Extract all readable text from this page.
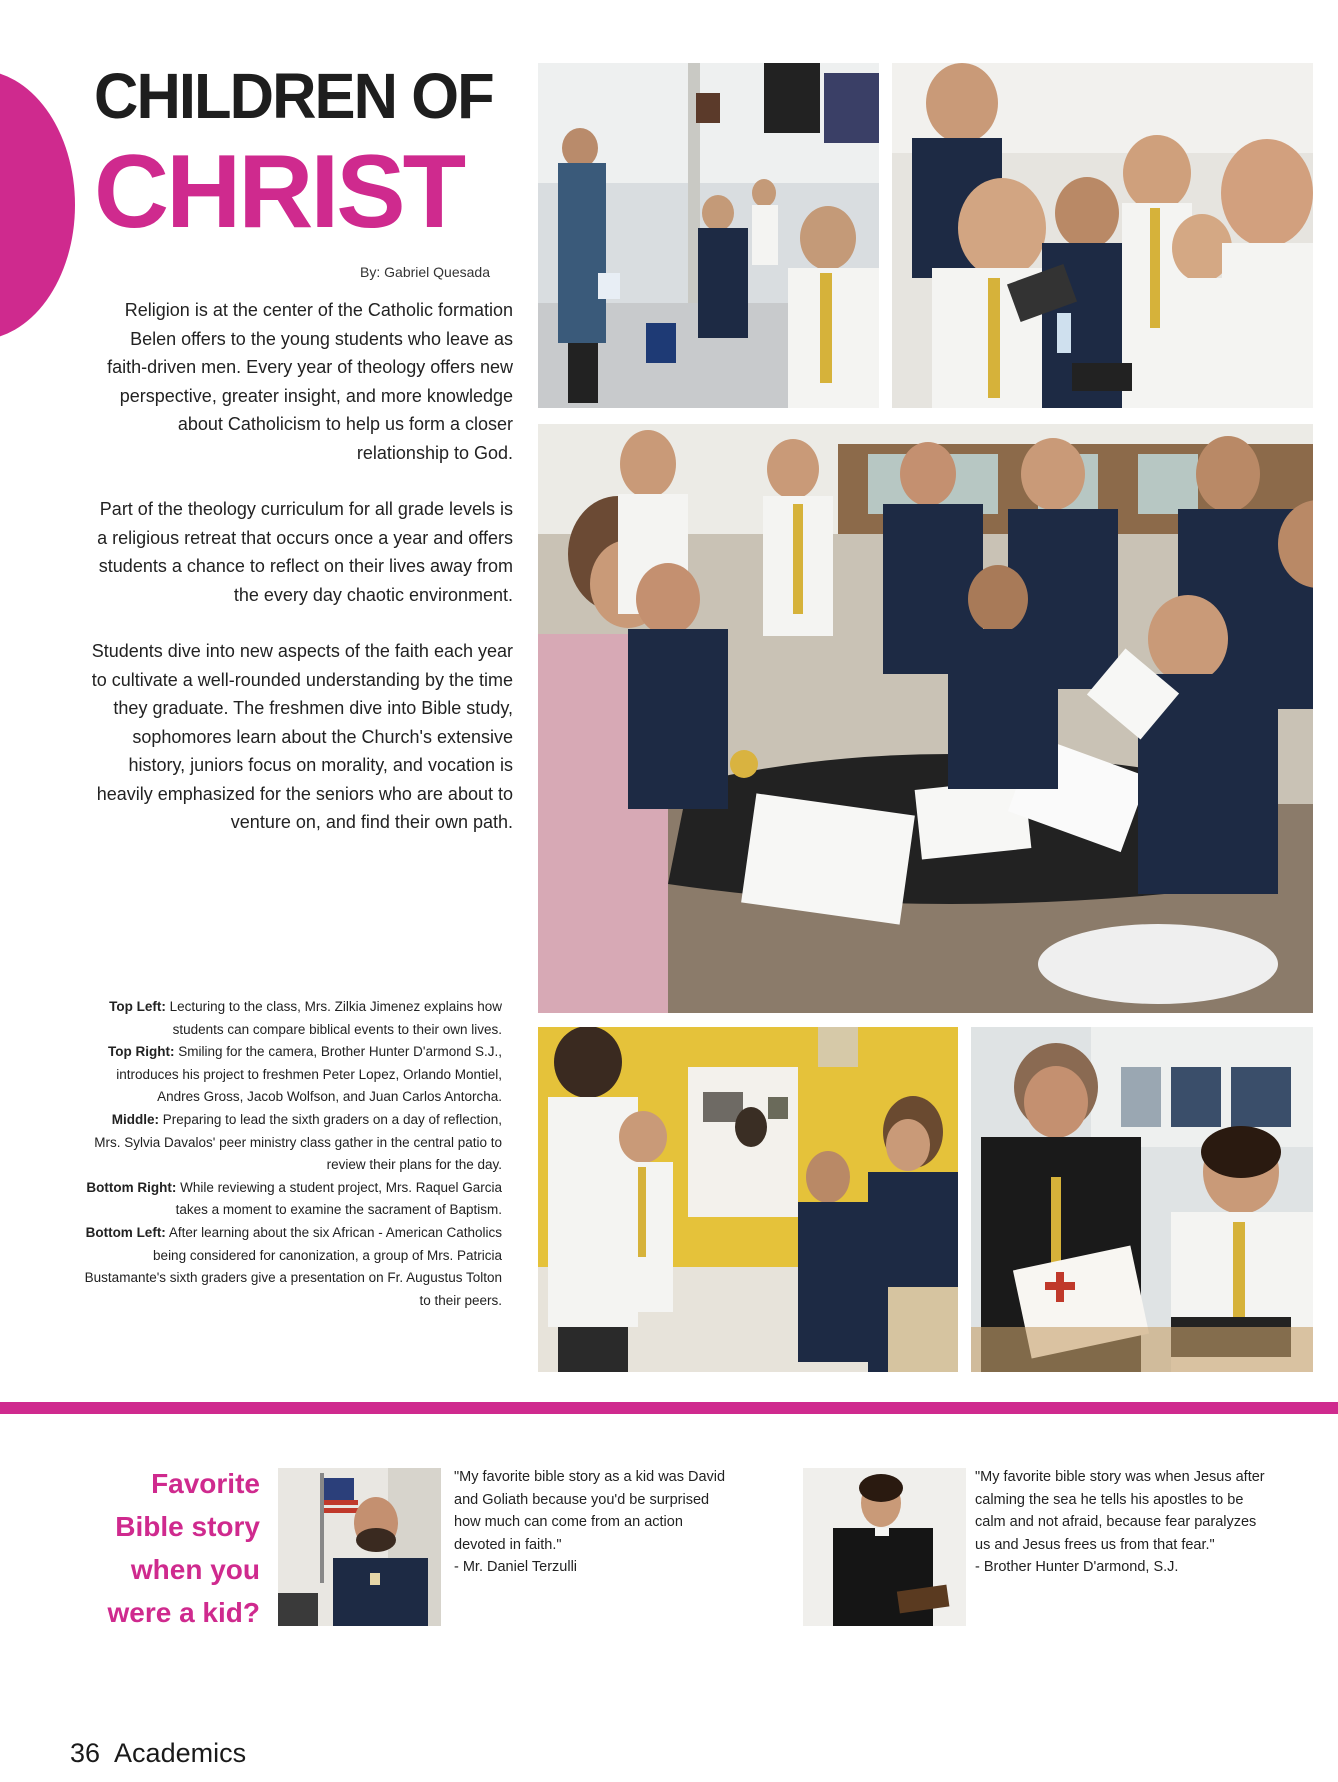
CHILDREN OF
CHRIST
By: Gabriel Quesada

Religion is at the center of the Catholic formation Belen offers to the young students who leave as faith-driven men. Every year of theology offers new perspective, greater insight, and more knowledge about Catholicism to help us form a closer relationship to God.

Part of the theology curriculum for all grade levels is a religious retreat that occurs once a year and offers students a chance to reflect on their lives away from the every day chaotic environment.

Students dive into new aspects of the faith each year to cultivate a well-rounded understanding by the time they graduate. The freshmen dive into Bible study, sophomores learn about the Church's extensive history, juniors focus on morality, and vocation is heavily emphasized for the seniors who are about to venture on, and find their own path.

Top Left: Lecturing to the class, Mrs. Zilkia Jimenez explains how students can compare biblical events to their own lives.

Top Right: Smiling for the camera, Brother Hunter D'armond S.J., introduces his project to freshmen Peter Lopez, Orlando Montiel, Andres Gross, Jacob Wolfson, and Juan Carlos Antorcha.

Middle: Preparing to lead the sixth graders on a day of reflection, Mrs. Sylvia Davalos' peer ministry class gather in the central patio to review their plans for the day.

Bottom Right: While reviewing a student project, Mrs. Raquel Garcia takes a moment to examine the sacrament of Baptism.

Bottom Left: After learning about the six African - American Catholics being considered for canonization, a group of Mrs. Patricia Bustamante's sixth graders give a presentation on Fr. Augustus Tolton to their peers.

Favorite Bible story when you were a kid?
"My favorite bible story as a kid was David and Goliath because you'd be surprised how much can come from an action devoted in faith."
- Mr. Daniel Terzulli
"My favorite bible story was when Jesus after calming the sea he tells his apostles to be calm and not afraid, because fear paralyzes us and Jesus frees us from that fear."
- Brother Hunter D'armond, S.J.
36 Academics
